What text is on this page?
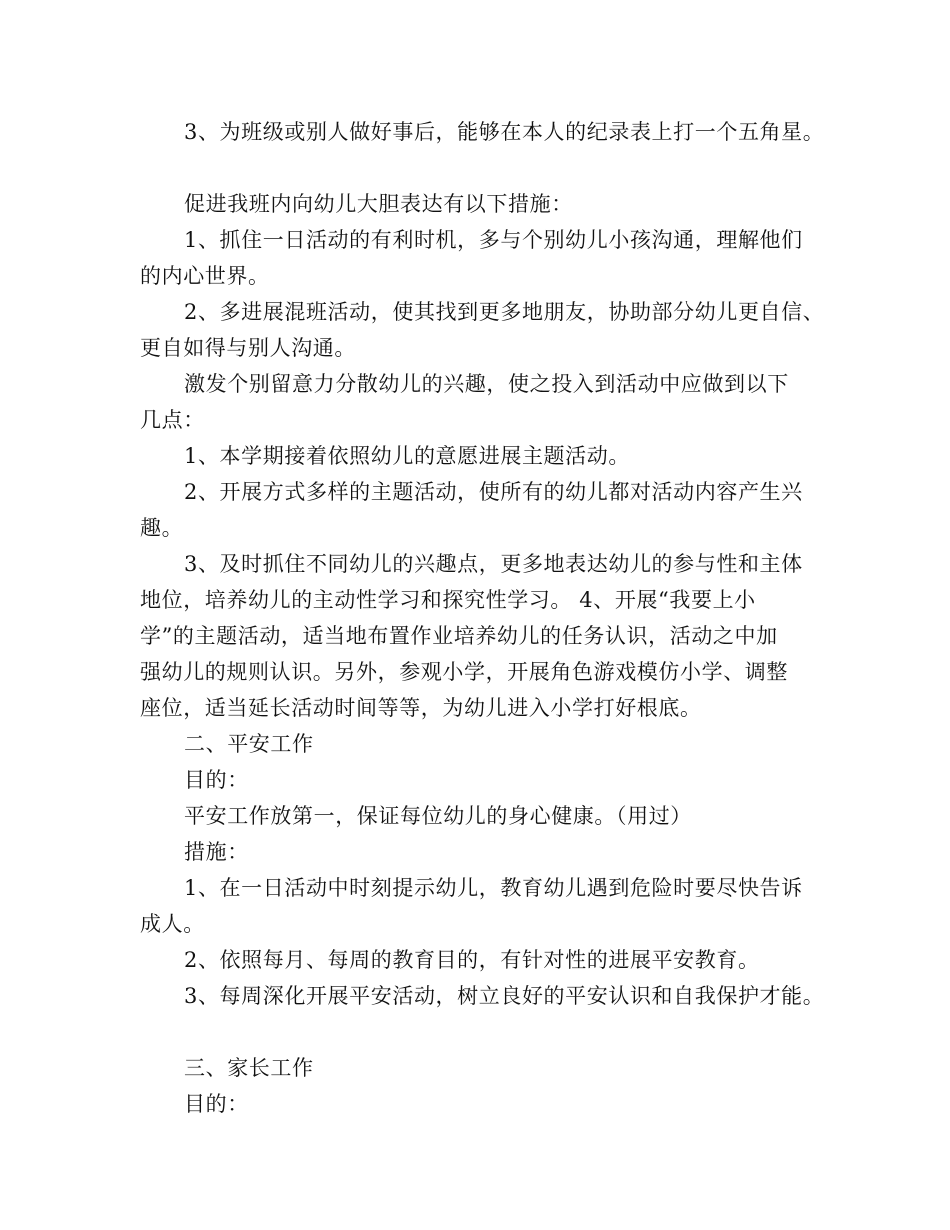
3、为班级或别人做好事后，能够在本人的纪录表上打一个五角星。
促进我班内向幼儿大胆表达有以下措施：
1、抓住一日活动的有利时机，多与个别幼儿小孩沟通，理解他们
的内心世界。
2、多进展混班活动，使其找到更多地朋友，协助部分幼儿更自信、
更自如得与别人沟通。
激发个别留意力分散幼儿的兴趣，使之投入到活动中应做到以下
几点：
1、本学期接着依照幼儿的意愿进展主题活动。
2、开展方式多样的主题活动，使所有的幼儿都对活动内容产生兴
趣。
3、及时抓住不同幼儿的兴趣点，更多地表达幼儿的参与性和主体
地位，培养幼儿的主动性学习和探究性学习。 4、开展“我要上小
学”的主题活动，适当地布置作业培养幼儿的任务认识，活动之中加
强幼儿的规则认识。另外，参观小学，开展角色游戏模仿小学、调整
座位，适当延长活动时间等等，为幼儿进入小学打好根底。
二、平安工作
目的：
平安工作放第一，保证每位幼儿的身心健康。（用过）
措施：
1、在一日活动中时刻提示幼儿，教育幼儿遇到危险时要尽快告诉
成人。
2、依照每月、每周的教育目的，有针对性的进展平安教育。
3、每周深化开展平安活动，树立良好的平安认识和自我保护才能。
三、家长工作
目的：
